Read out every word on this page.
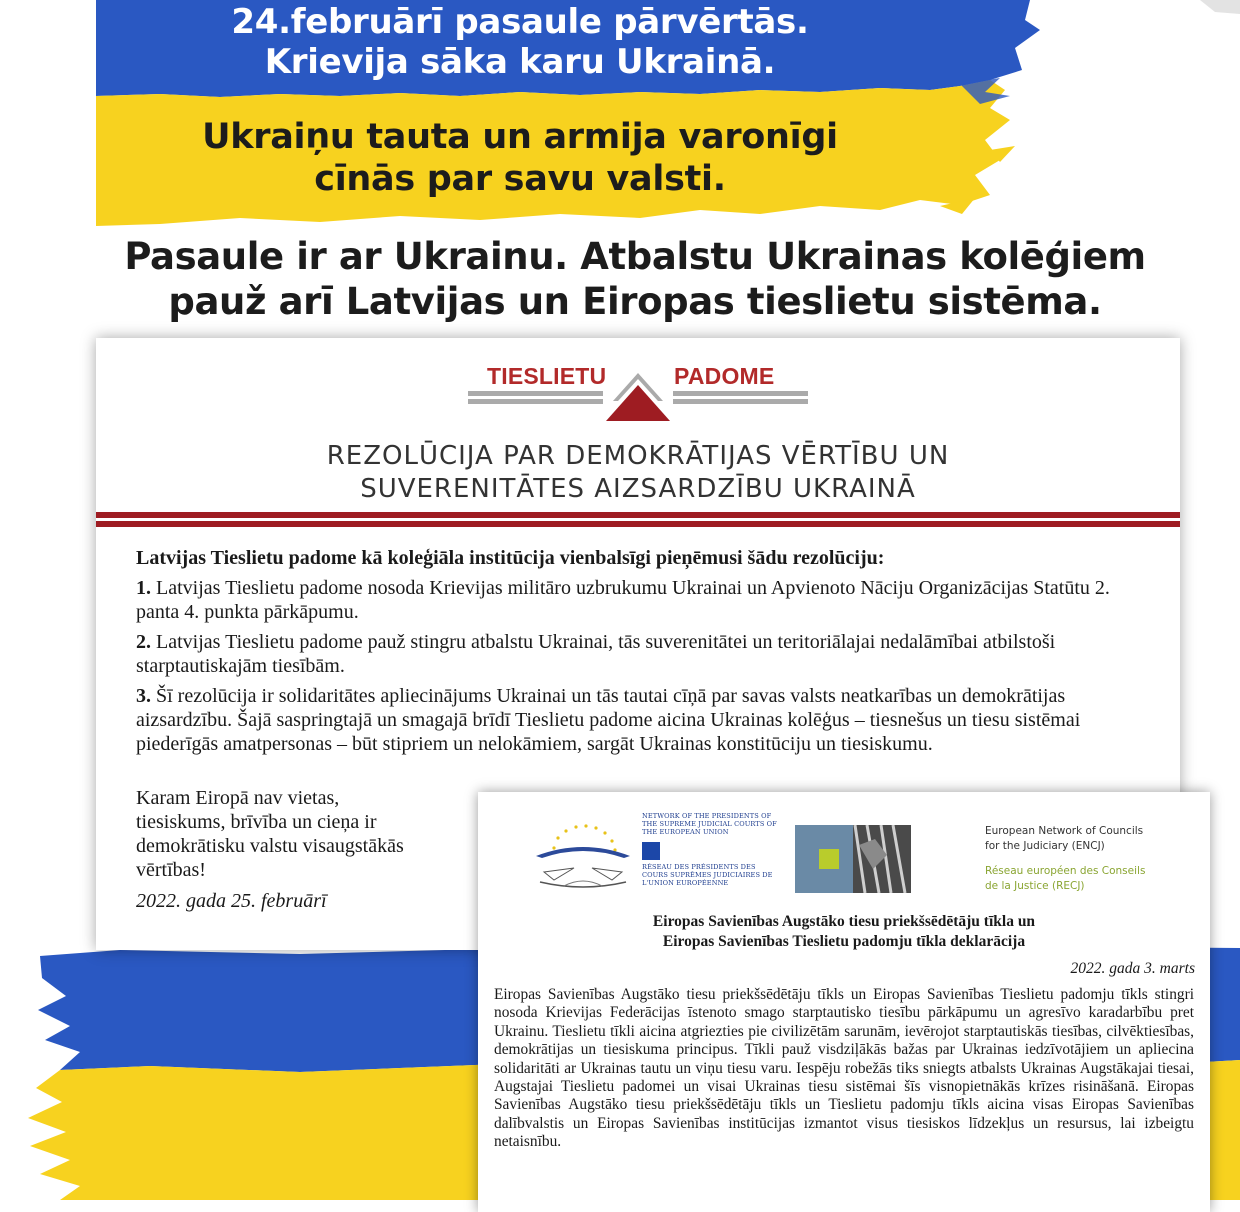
24.februārī pasaule pārvērtās.
Krievija sāka karu Ukrainā.
Ukraiņu tauta un armija varonīgi
cīnās par savu valsti.
Pasaule ir ar Ukrainu. Atbalstu Ukrainas kolēģiem
pauž arī Latvijas un Eiropas tieslietu sistēma.
TIESLIETU	PADOME
REZOLŪCIJA PAR DEMOKRĀTIJAS VĒRTĪBU UN
SUVERENITĀTES AIZSARDZĪBU UKRAINĀ

Latvijas Tieslietu padome kā koleģiāla institūcija vienbalsīgi pieņēmusi šādu rezolūciju:

1. Latvijas Tieslietu padome nosoda Krievijas militāro uzbrukumu Ukrainai un Apvienoto Nāciju Organizācijas Statūtu 2. panta 4. punkta pārkāpumu.

2. Latvijas Tieslietu padome pauž stingru atbalstu Ukrainai, tās suverenitātei un teritoriālajai nedalāmībai atbilstoši starptautiskajām tiesībām.

3. Šī rezolūcija ir solidaritātes apliecinājums Ukrainai un tās tautai cīņā par savas valsts neatkarības un demokrātijas aizsardzību. Šajā saspringtajā un smagajā brīdī Tieslietu padome aicina Ukrainas kolēģus – tiesnešus un tiesu sistēmai piederīgās amatpersonas – būt stipriem un nelokāmiem, sargāt Ukrainas konstitūciju un tiesiskumu.

Karam Eiropā nav vietas,
tiesiskums, brīvība un cieņa ir
demokrātisku valstu visaugstākās
vērtības!
2022. gada 25. februārī
NETWORK OF THE PRESIDENTS OF THE SUPREME JUDICIAL COURTS OF THE EUROPEAN UNION
RÉSEAU DES PRÉSIDENTS DES COURS SUPRÊMES JUDICIAIRES DE L'UNION EUROPÉENNE
European Network of Councils
for the Judiciary (ENCJ)
Réseau européen des Conseils
de la Justice (RECJ)
Eiropas Savienības Augstāko tiesu priekšsēdētāju tīkla un
Eiropas Savienības Tieslietu padomju tīkla deklarācija
2022. gada 3. marts
Eiropas Savienības Augstāko tiesu priekšsēdētāju tīkls un Eiropas Savienības Tieslietu padomju tīkls stingri nosoda Krievijas Federācijas īstenoto smago starptautisko tiesību pārkāpumu un agresīvo karadarbību pret Ukrainu. Tieslietu tīkli aicina atgriezties pie civilizētām sarunām, ievērojot starptautiskās tiesības, cilvēktiesības, demokrātijas un tiesiskuma principus. Tīkli pauž visdziļākās bažas par Ukrainas iedzīvotājiem un apliecina solidaritāti ar Ukrainas tautu un viņu tiesu varu. Iespēju robežās tiks sniegts atbalsts Ukrainas Augstākajai tiesai, Augstajai Tieslietu padomei un visai Ukrainas tiesu sistēmai šīs visnopietnākās krīzes risināšanā. Eiropas Savienības Augstāko tiesu priekšsēdētāju tīkls un Tieslietu padomju tīkls aicina visas Eiropas Savienības dalībvalstis un Eiropas Savienības institūcijas izmantot visus tiesiskos līdzekļus un resursus, lai izbeigtu netaisnību.
